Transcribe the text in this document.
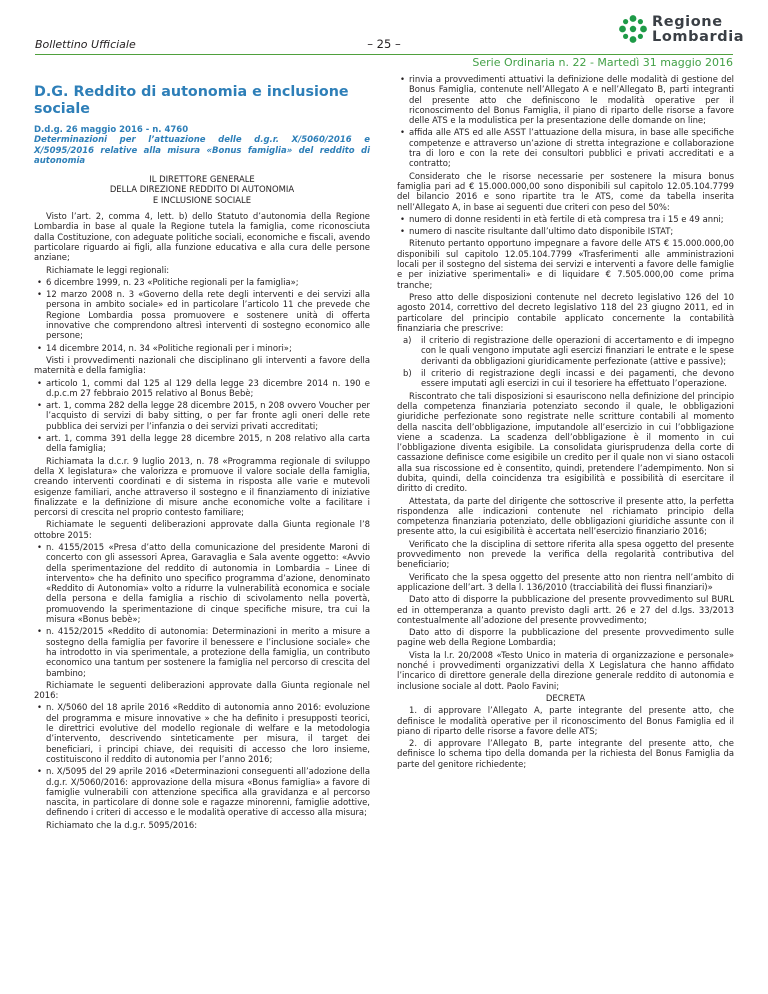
Bollettino Ufficiale	– 25 –
Regione
Lombardia
Serie Ordinaria n. 22 - Martedì 31 maggio 2016
D.G. Reddito di autonomia e inclusione sociale
D.d.g. 26 maggio 2016 - n. 4760
Determinazioni per l’attuazione delle d.g.r. X/5060/2016 e X/5095/2016 relative alla misura «Bonus famiglia» del reddito di autonomia
IL DIRETTORE GENERALE
DELLA DIREZIONE REDDITO DI AUTONOMIA
E INCLUSIONE SOCIALE

Visto l’art. 2, comma 4, lett. b) dello Statuto d’autonomia della Regione Lombardia in base al quale la Regione tutela la famiglia, come riconosciuta dalla Costituzione, con adeguate politiche sociali, economiche e fiscali, avendo particolare riguardo ai figli, alla funzione educativa e alla cura delle persone anziane;

Richiamate le leggi regionali:

• 6 dicembre 1999, n. 23 «Politiche regionali per la famiglia»;
• 12 marzo 2008 n. 3 «Governo della rete degli interventi e dei servizi alla persona in ambito sociale» ed in particolare l’articolo 11 che prevede che Regione Lombardia possa promuovere e sostenere unità di offerta innovative che comprendono altresì interventi di sostegno economico alle persone;
• 14 dicembre 2014, n. 34 «Politiche regionali per i minori»;

Visti i provvedimenti nazionali che disciplinano gli interventi a favore della maternità e della famiglia:

• articolo 1, commi dal 125 al 129 della legge 23 dicembre 2014 n. 190 e d.p.c.m 27 febbraio 2015 relativo al Bonus Bebè;
• art. 1, comma 282 della legge 28 dicembre 2015, n 208 ovvero Voucher per l’acquisto di servizi di baby sitting, o per far fronte agli oneri delle rete pubblica dei servizi per l’infanzia o dei servizi privati accreditati;
• art. 1, comma 391 della legge 28 dicembre 2015, n 208 relativo alla carta della famiglia;

Richiamata la d.c.r. 9 luglio 2013, n. 78 «Programma regionale di sviluppo della X legislatura» che valorizza e promuove il valore sociale della famiglia, creando interventi coordinati e di sistema in risposta alle varie e mutevoli esigenze familiari, anche attraverso il sostegno e il finanziamento di iniziative finalizzate e la definizione di misure anche economiche volte a facilitare i percorsi di crescita nel proprio contesto familiare;

Richiamate le seguenti deliberazioni approvate dalla Giunta regionale l’8 ottobre 2015:

• n. 4155/2015 «Presa d’atto della comunicazione del presidente Maroni di concerto con gli assessori Aprea, Garavaglia e Sala avente oggetto: «Avvio della sperimentazione del reddito di autonomia in Lombardia – Linee di intervento» che ha definito uno specifico programma d’azione, denominato «Reddito di Autonomia» volto a ridurre la vulnerabilità economica e sociale della persona e della famiglia a rischio di scivolamento nella povertà, promuovendo la sperimentazione di cinque specifiche misure, tra cui la misura «Bonus bebè»;
• n. 4152/2015 «Reddito di autonomia: Determinazioni in merito a misure a sostegno della famiglia per favorire il benessere e l’inclusione sociale» che ha introdotto in via sperimentale, a protezione della famiglia, un contributo economico una tantum per sostenere la famiglia nel percorso di crescita del bambino;

Richiamate le seguenti deliberazioni approvate dalla Giunta regionale nel 2016:

• n. X/5060 del 18 aprile 2016 «Reddito di autonomia anno 2016: evoluzione del programma e misure innovative » che ha definito i presupposti teorici, le direttrici evolutive del modello regionale di welfare e la metodologia d’intervento, descrivendo sinteticamente per misura, il target dei beneficiari, i principi chiave, dei requisiti di accesso che loro insieme, costituiscono il reddito di autonomia per l’anno 2016;
• n. X/5095 del 29 aprile 2016 «Determinazioni conseguenti all’adozione della d.g.r. X/5060/2016: approvazione della misura «Bonus famiglia» a favore di famiglie vulnerabili con attenzione specifica alla gravidanza e al percorso nascita, in particolare di donne sole e ragazze minorenni, famiglie adottive, definendo i criteri di accesso e le modalità operative di accesso alla misura;

Richiamato che la d.g.r. 5095/2016:

• rinvia a provvedimenti attuativi la definizione delle modalità di gestione del Bonus Famiglia, contenute nell’Allegato A e nell’Allegato B, parti integranti del presente atto che definiscono le modalità operative per il riconoscimento del Bonus Famiglia, il piano di riparto delle risorse a favore delle ATS e la modulistica per la presentazione delle domande on line;
• affida alle ATS ed alle ASST l’attuazione della misura, in base alle specifiche competenze e attraverso un’azione di stretta integrazione e collaborazione tra di loro e con la rete dei consultori pubblici e privati accreditati e a contratto;

Considerato che le risorse necessarie per sostenere la misura bonus famiglia pari ad € 15.000.000,00 sono disponibili sul capitolo 12.05.104.7799 del bilancio 2016 e sono ripartite tra le ATS, come da tabella inserita nell’Allegato A, in base ai seguenti due criteri con peso del 50%:

• numero di donne residenti in età fertile di età compresa tra i 15 e 49 anni;
• numero di nascite risultante dall’ultimo dato disponibile ISTAT;

Ritenuto pertanto opportuno impegnare a favore delle ATS € 15.000.000,00 disponibili sul capitolo 12.05.104.7799 «Trasferimenti alle amministrazioni locali per il sostegno del sistema dei servizi e interventi a favore delle famiglie e per iniziative sperimentali» e di liquidare € 7.505.000,00 come prima tranche;

Preso atto delle disposizioni contenute nel decreto legislativo 126 del 10 agosto 2014, correttivo del decreto legislativo 118 del 23 giugno 2011, ed in particolare del principio contabile applicato concernente la contabilità finanziaria che prescrive:

a) il criterio di registrazione delle operazioni di accertamento e di impegno con le quali vengono imputate agli esercizi finanziari le entrate e le spese derivanti da obbligazioni giuridicamente perfezionate (attive e passive);
b) il criterio di registrazione degli incassi e dei pagamenti, che devono essere imputati agli esercizi in cui il tesoriere ha effettuato l’operazione.

Riscontrato che tali disposizioni si esauriscono nella definizione del principio della competenza finanziaria potenziato secondo il quale, le obbligazioni giuridiche perfezionate sono registrate nelle scritture contabili al momento della nascita dell’obbligazione, imputandole all’esercizio in cui l’obbligazione viene a scadenza. La scadenza dell’obbligazione è il momento in cui l’obbligazione diventa esigibile. La consolidata giurisprudenza della corte di cassazione definisce come esigibile un credito per il quale non vi siano ostacoli alla sua riscossione ed è consentito, quindi, pretendere l’adempimento. Non si dubita, quindi, della coincidenza tra esigibilità e possibilità di esercitare il diritto di credito.

Attestata, da parte del dirigente che sottoscrive il presente atto, la perfetta rispondenza alle indicazioni contenute nel richiamato principio della competenza finanziaria potenziato, delle obbligazioni giuridiche assunte con il presente atto, la cui esigibilità è accertata nell’esercizio finanziario 2016;

Verificato che la disciplina di settore riferita alla spesa oggetto del presente provvedimento non prevede la verifica della regolarità contributiva del beneficiario;

Verificato che la spesa oggetto del presente atto non rientra nell’ambito di applicazione dell’art. 3 della l. 136/2010 (tracciabilità dei flussi finanziari)»

Dato atto di disporre la pubblicazione del presente provvedimento sul BURL ed in ottemperanza a quanto previsto dagli artt. 26 e 27 del d.lgs. 33/2013 contestualmente all’adozione del presente provvedimento;

Dato atto di disporre la pubblicazione del presente provvedimento sulle pagine web della Regione Lombardia;

Vista la l.r. 20/2008 «Testo Unico in materia di organizzazione e personale» nonché i provvedimenti organizzativi della X Legislatura che hanno affidato l’incarico di direttore generale della direzione generale reddito di autonomia e inclusione sociale al dott. Paolo Favini;

DECRETA

1. di approvare l’Allegato A, parte integrante del presente atto, che definisce le modalità operative per il riconoscimento del Bonus Famiglia ed il piano di riparto delle risorse a favore delle ATS;

2. di approvare l’Allegato B, parte integrante del presente atto, che definisce lo schema tipo della domanda per la richiesta del Bonus Famiglia da parte del genitore richiedente;
